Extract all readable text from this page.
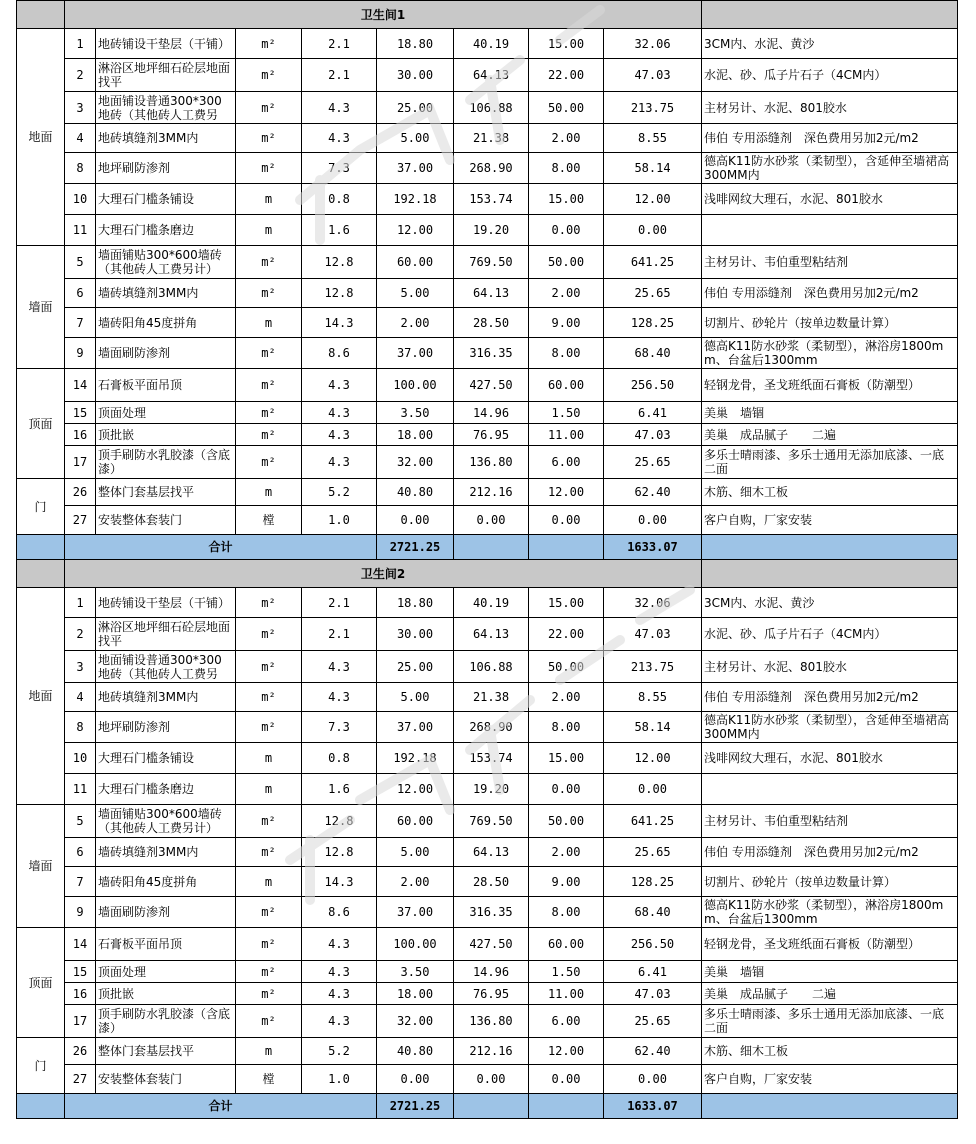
	卫生间1								
地面	1	地砖铺设干垫层（干铺）	m²	2.1	18.80	40.19	15.00	32.06	3CM内、水泥、黄沙
	2	淋浴区地坪细石砼层地面找平	m²	2.1	30.00	64.13	22.00	47.03	水泥、砂、瓜子片石子（4CM内）
	3	地面铺设普通300*300地砖（其他砖人工费另	m²	4.3	25.00	106.88	50.00	213.75	主材另计、水泥、801胶水
	4	地砖填缝剂3MM内	m²	4.3	5.00	21.38	2.00	8.55	伟伯 专用添缝剂　深色费用另加2元/m2
	8	地坪刷防渗剂	m²	7.3	37.00	268.90	8.00	58.14	德高K11防水砂浆（柔韧型），含延伸至墙裙高300MM内
	10	大理石门槛条铺设	m	0.8	192.18	153.74	15.00	12.00	浅啡网纹大理石，水泥、801胶水
	11	大理石门槛条磨边	m	1.6	12.00	19.20	0.00	0.00	
墙面	5	墙面铺贴300*600墙砖（其他砖人工费另计）	m²	12.8	60.00	769.50	50.00	641.25	主材另计、韦伯重型粘结剂
	6	墙砖填缝剂3MM内	m²	12.8	5.00	64.13	2.00	25.65	伟伯 专用添缝剂　深色费用另加2元/m2
	7	墙砖阳角45度拼角	m	14.3	2.00	28.50	9.00	128.25	切割片、砂轮片（按单边数量计算）
	9	墙面刷防渗剂	m²	8.6	37.00	316.35	8.00	68.40	德高K11防水砂浆（柔韧型），淋浴房1800mm、台盆后1300mm
顶面	14	石膏板平面吊顶	m²	4.3	100.00	427.50	60.00	256.50	轻钢龙骨，圣戈班纸面石膏板（防潮型）
	15	顶面处理	m²	4.3	3.50	14.96	1.50	6.41	美巢　墙锢
	16	顶批嵌	m²	4.3	18.00	76.95	11.00	47.03	美巢　成品腻子　　二遍
	17	顶手刷防水乳胶漆（含底漆）	m²	4.3	32.00	136.80	6.00	25.65	多乐士晴雨漆、多乐士通用无添加底漆、一底二面
门	26	整体门套基层找平	m	5.2	40.80	212.16	12.00	62.40	木筋、细木工板
	27	安装整体套装门	樘	1.0	0.00	0.00	0.00	0.00	客户自购，厂家安装
	合计				2721.25			1633.07	
	卫生间2								
地面	1	地砖铺设干垫层（干铺）	m²	2.1	18.80	40.19	15.00	32.06	3CM内、水泥、黄沙
	2	淋浴区地坪细石砼层地面找平	m²	2.1	30.00	64.13	22.00	47.03	水泥、砂、瓜子片石子（4CM内）
	3	地面铺设普通300*300地砖（其他砖人工费另	m²	4.3	25.00	106.88	50.00	213.75	主材另计、水泥、801胶水
	4	地砖填缝剂3MM内	m²	4.3	5.00	21.38	2.00	8.55	伟伯 专用添缝剂　深色费用另加2元/m2
	8	地坪刷防渗剂	m²	7.3	37.00	268.90	8.00	58.14	德高K11防水砂浆（柔韧型），含延伸至墙裙高300MM内
	10	大理石门槛条铺设	m	0.8	192.18	153.74	15.00	12.00	浅啡网纹大理石，水泥、801胶水
	11	大理石门槛条磨边	m	1.6	12.00	19.20	0.00	0.00	
墙面	5	墙面铺贴300*600墙砖（其他砖人工费另计）	m²	12.8	60.00	769.50	50.00	641.25	主材另计、韦伯重型粘结剂
	6	墙砖填缝剂3MM内	m²	12.8	5.00	64.13	2.00	25.65	伟伯 专用添缝剂　深色费用另加2元/m2
	7	墙砖阳角45度拼角	m	14.3	2.00	28.50	9.00	128.25	切割片、砂轮片（按单边数量计算）
	9	墙面刷防渗剂	m²	8.6	37.00	316.35	8.00	68.40	德高K11防水砂浆（柔韧型），淋浴房1800mm、台盆后1300mm
顶面	14	石膏板平面吊顶	m²	4.3	100.00	427.50	60.00	256.50	轻钢龙骨，圣戈班纸面石膏板（防潮型）
	15	顶面处理	m²	4.3	3.50	14.96	1.50	6.41	美巢　墙锢
	16	顶批嵌	m²	4.3	18.00	76.95	11.00	47.03	美巢　成品腻子　　二遍
	17	顶手刷防水乳胶漆（含底漆）	m²	4.3	32.00	136.80	6.00	25.65	多乐士晴雨漆、多乐士通用无添加底漆、一底二面
门	26	整体门套基层找平	m	5.2	40.80	212.16	12.00	62.40	木筋、细木工板
	27	安装整体套装门	樘	1.0	0.00	0.00	0.00	0.00	客户自购，厂家安装
	合计				2721.25			1633.07	
